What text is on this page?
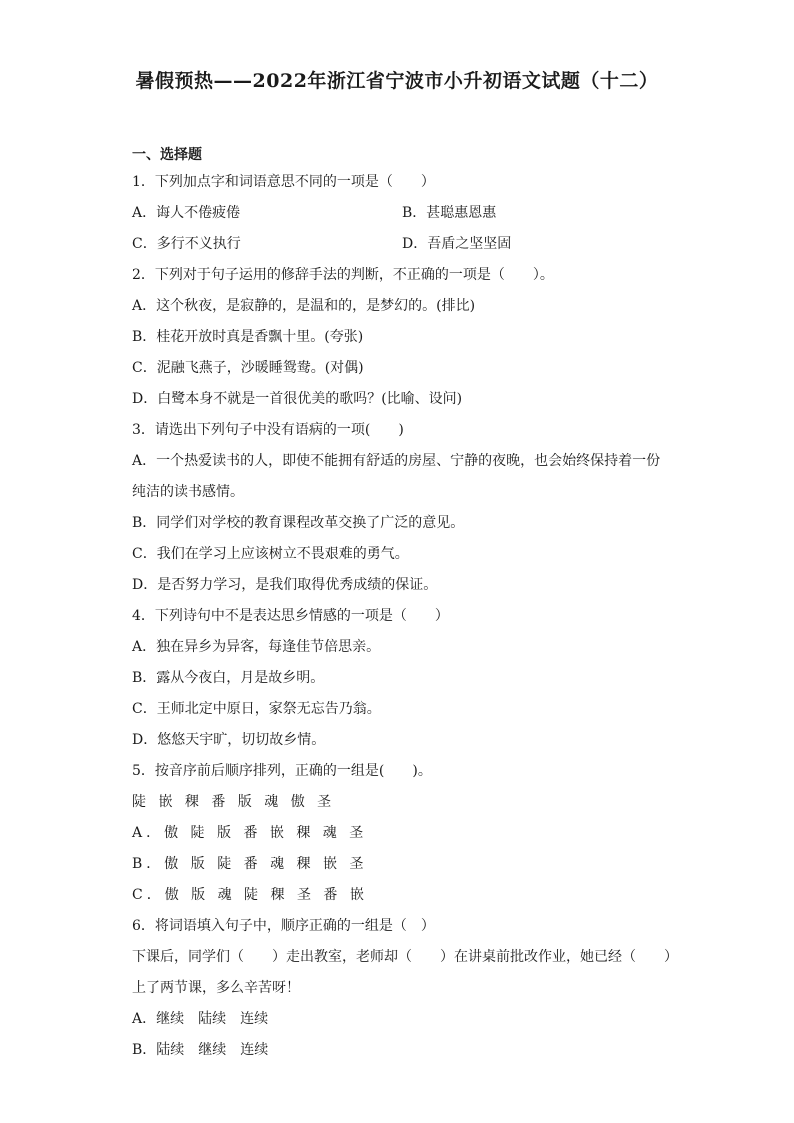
暑假预热——2022年浙江省宁波市小升初语文试题（十二）
一、选择题
1．下列加点字和词语意思不同的一项是（　　）
A．诲人不倦疲倦	B．甚聪惠恩惠
C．多行不义执行	D．吾盾之坚坚固
2．下列对于句子运用的修辞手法的判断，不正确的一项是（　　）。
A．这个秋夜，是寂静的，是温和的，是梦幻的。(排比)
B．桂花开放时真是香飘十里。(夸张)
C．泥融飞燕子，沙暖睡鸳鸯。(对偶)
D．白鹭本身不就是一首很优美的歌吗？(比喻、设问)
3．请选出下列句子中没有语病的一项(　　)
A．一个热爱读书的人，即使不能拥有舒适的房屋、宁静的夜晚，也会始终保持着一份
纯洁的读书感情。
B．同学们对学校的教育课程改革交换了广泛的意见。
C．我们在学习上应该树立不畏艰难的勇气。
D．是否努力学习，是我们取得优秀成绩的保证。
4．下列诗句中不是表达思乡情感的一项是（　　）
A．独在异乡为异客，每逢佳节倍思亲。
B．露从今夜白，月是故乡明。
C．王师北定中原日，家祭无忘告乃翁。
D．悠悠天宇旷，切切故乡情。
5．按音序前后顺序排列，正确的一组是(　　)。
陡 嵌 稞 番 版 魂 傲 圣
A．傲 陡 版 番 嵌 稞 魂 圣
B．傲 版 陡 番 魂 稞 嵌 圣
C．傲 版 魂 陡 稞 圣 番 嵌
6．将词语填入句子中，顺序正确的一组是（　）
下课后，同学们（　　）走出教室，老师却（　　）在讲桌前批改作业，她已经（　　）
上了两节课，多么辛苦呀！
A．继续　陆续　连续
B．陆续　继续　连续
